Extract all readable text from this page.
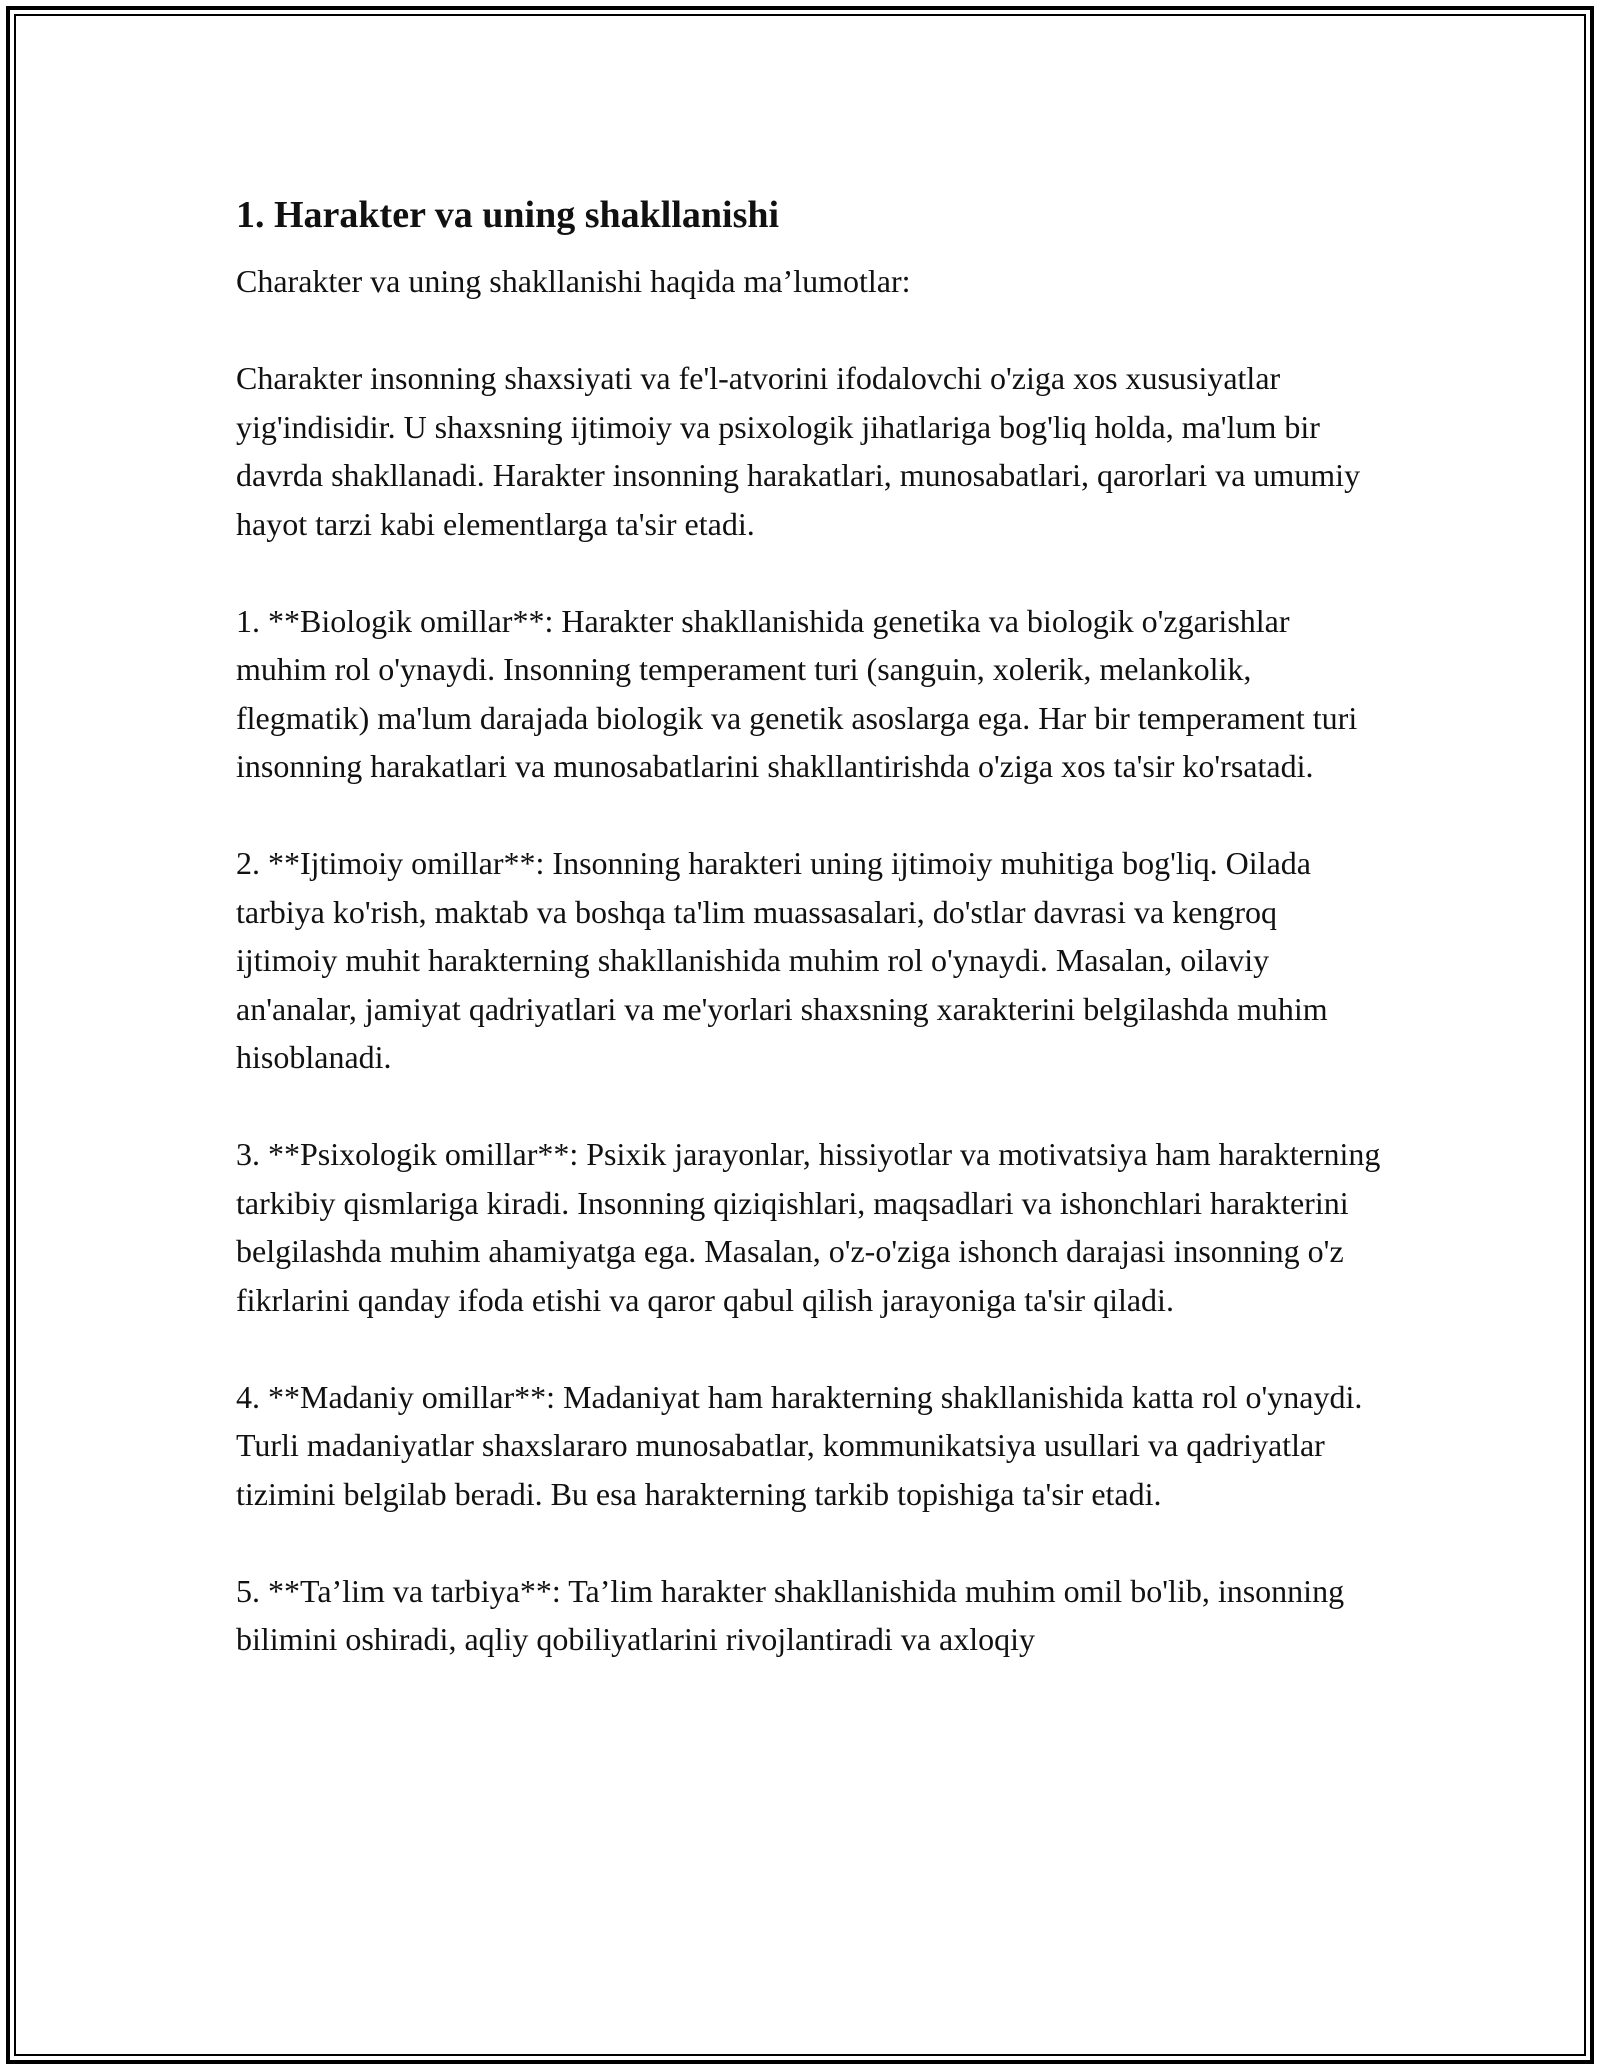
1. Harakter va uning shakllanishi

Charakter va uning shakllanishi haqida ma’lumotlar:

Charakter insonning shaxsiyati va fe'l-atvorini ifodalovchi o'ziga xos xususiyatlar yig'indisidir. U shaxsning ijtimoiy va psixologik jihatlariga bog'liq holda, ma'lum bir davrda shakllanadi. Harakter insonning harakatlari, munosabatlari, qarorlari va umumiy hayot tarzi kabi elementlarga ta'sir etadi.

1. **Biologik omillar**: Harakter shakllanishida genetika va biologik o'zgarishlar muhim rol o'ynaydi. Insonning temperament turi (sanguin, xolerik, melankolik, flegmatik) ma'lum darajada biologik va genetik asoslarga ega. Har bir temperament turi insonning harakatlari va munosabatlarini shakllantirishda o'ziga xos ta'sir ko'rsatadi.

2. **Ijtimoiy omillar**: Insonning harakteri uning ijtimoiy muhitiga bog'liq. Oilada tarbiya ko'rish, maktab va boshqa ta'lim muassasalari, do'stlar davrasi va kengroq ijtimoiy muhit harakterning shakllanishida muhim rol o'ynaydi. Masalan, oilaviy an'analar, jamiyat qadriyatlari va me'yorlari shaxsning xarakterini belgilashda muhim hisoblanadi.

3. **Psixologik omillar**: Psixik jarayonlar, hissiyotlar va motivatsiya ham harakterning tarkibiy qismlariga kiradi. Insonning qiziqishlari, maqsadlari va ishonchlari harakterini belgilashda muhim ahamiyatga ega. Masalan, o'z-o'ziga ishonch darajasi insonning o'z fikrlarini qanday ifoda etishi va qaror qabul qilish jarayoniga ta'sir qiladi.

4. **Madaniy omillar**: Madaniyat ham harakterning shakllanishida katta rol o'ynaydi. Turli madaniyatlar shaxslararo munosabatlar, kommunikatsiya usullari va qadriyatlar tizimini belgilab beradi. Bu esa harakterning tarkib topishiga ta'sir etadi.

5. **Ta’lim va tarbiya**: Ta’lim harakter shakllanishida muhim omil bo'lib, insonning bilimini oshiradi, aqliy qobiliyatlarini rivojlantiradi va axloqiy
